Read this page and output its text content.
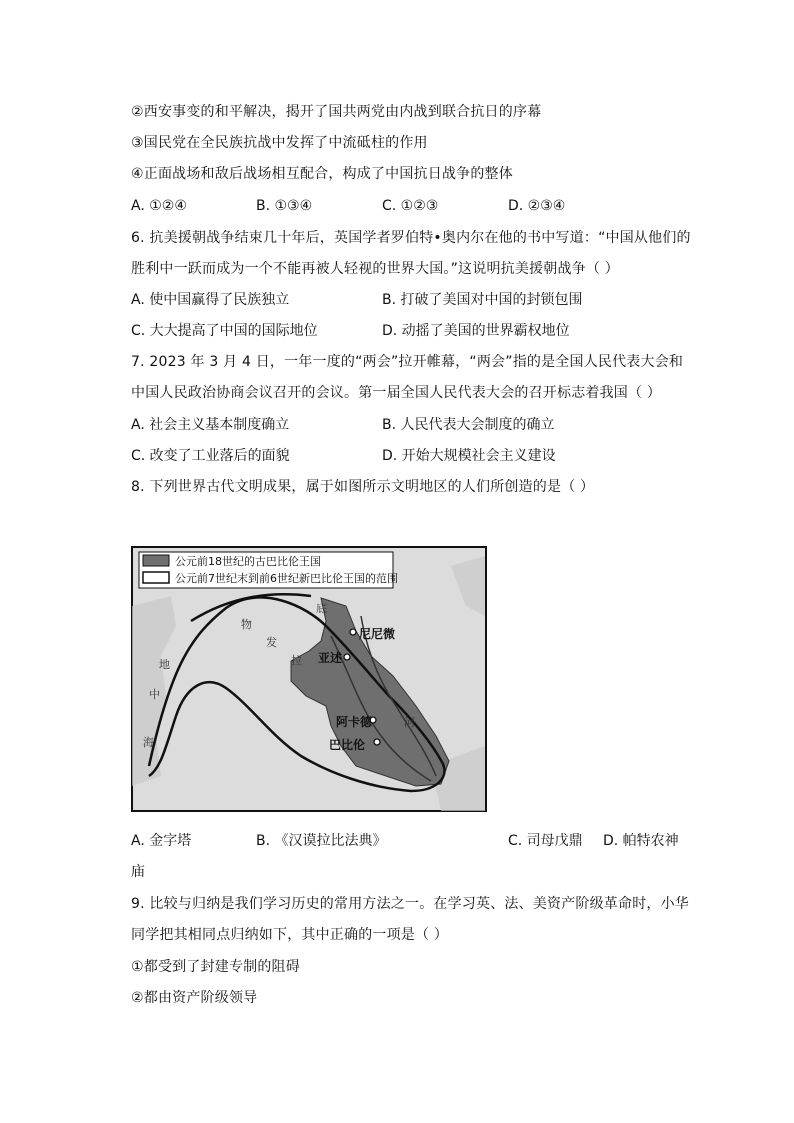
②西安事变的和平解决，揭开了国共两党由内战到联合抗日的序幕
③国民党在全民族抗战中发挥了中流砥柱的作用
④正面战场和敌后战场相互配合，构成了中国抗日战争的整体
A. ①②④	B. ①③④	C. ①②③	D. ②③④
6. 抗美援朝战争结束几十年后，英国学者罗伯特•奥内尔在他的书中写道：“中国从他们的
胜利中一跃而成为一个不能再被人轻视的世界大国。”这说明抗美援朝战争（ ）
A. 使中国赢得了民族独立	B. 打破了美国对中国的封锁包围
C. 大大提高了中国的国际地位	D. 动摇了美国的世界霸权地位
7. 2023 年 3 月 4 日，一年一度的“两会”拉开帷幕，“两会”指的是全国人民代表大会和
中国人民政治协商会议召开的会议。第一届全国人民代表大会的召开标志着我国（ ）
A. 社会主义基本制度确立	B. 人民代表大会制度的确立
C. 改变了工业落后的面貌	D. 开始大规模社会主义建设
8. 下列世界古代文明成果，属于如图所示文明地区的人们所创造的是（ ）
公元前18世纪的古巴比伦王国
公元前7世纪末到前6世纪新巴比伦王国的范围
尼尼微
亚述
阿卡德
巴比伦
地
中
海
物
发
拉
底
河
A. 金字塔	B. 《汉谟拉比法典》	C. 司母戊鼎 D. 帕特农神
庙
9. 比较与归纳是我们学习历史的常用方法之一。在学习英、法、美资产阶级革命时，小华
同学把其相同点归纳如下，其中正确的一项是（ ）
①都受到了封建专制的阻碍
②都由资产阶级领导
